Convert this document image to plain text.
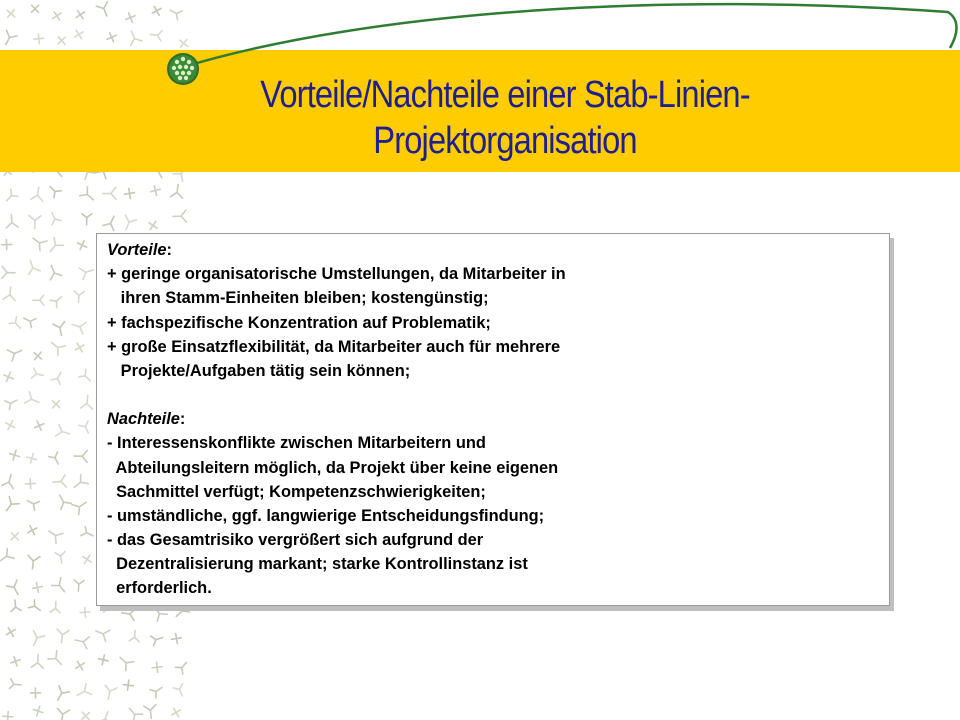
Vorteile/Nachteile einer Stab-Linien-
Projektorganisation
Vorteile:
+ geringe organisatorische Umstellungen, da Mitarbeiter in
ihren Stamm-Einheiten bleiben; kostengünstig;
+ fachspezifische Konzentration auf Problematik;
+ große Einsatzflexibilität, da Mitarbeiter auch für mehrere
Projekte/Aufgaben tätig sein können;
Nachteile:
- Interessenskonflikte zwischen Mitarbeitern und
Abteilungsleitern möglich, da Projekt über keine eigenen
Sachmittel verfügt; Kompetenzschwierigkeiten;
- umständliche, ggf. langwierige Entscheidungsfindung;
- das Gesamtrisiko vergrößert sich aufgrund der
Dezentralisierung markant; starke Kontrollinstanz ist
erforderlich.
